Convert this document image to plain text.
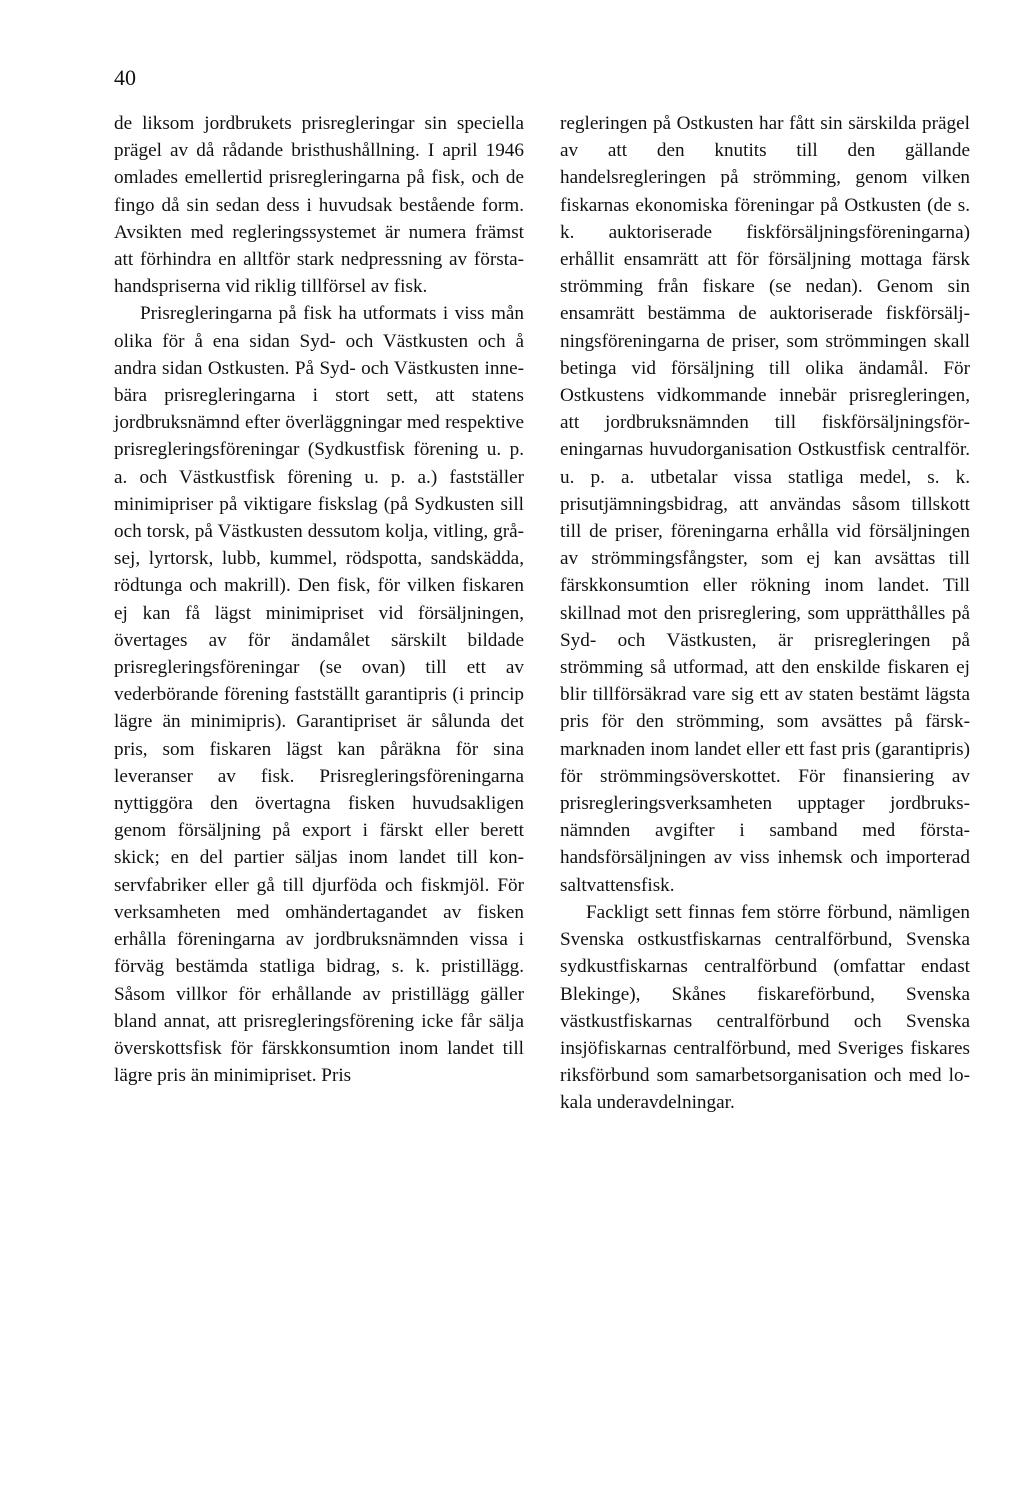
40

de liksom jordbrukets prisregleringar sin speciella prägel av då rådande bristhushållning. I april 1946 omlades emellertid prisregleringarna på fisk, och de fingo då sin sedan dess i huvudsak bestående form. Avsikten med regleringssystemet är numera främst att förhindra en alltför stark nedpressning av förstahandspriserna vid riklig tillförsel av fisk.

Prisregleringarna på fisk ha utformats i viss mån olika för å ena sidan Syd- och Västkusten och å andra sidan Ostkusten. På Syd- och Västkusten innebära prisregleringarna i stort sett, att statens jordbruksnämnd efter överläggningar med respektive prisregleringsföreningar (Sydkustfisk förening u. p. a. och Västkustfisk förening u. p. a.) fastställer minimipriser på viktigare fiskslag (på Sydkusten sill och torsk, på Västkusten dessutom kolja, vitling, gråsej, lyrtorsk, lubb, kummel, rödspotta, sandskädda, rödtunga och makrill). Den fisk, för vilken fiskaren ej kan få lägst minimipriset vid försäljningen, övertages av för ändamålet särskilt bildade prisregleringsföreningar (se ovan) till ett av vederbörande förening fastställt garantipris (i princip lägre än minimipris). Garantipriset är sålunda det pris, som fiskaren lägst kan påräkna för sina leveranser av fisk. Prisregleringsföreningarna nyttiggöra den övertagna fisken huvudsakligen genom försäljning på export i färskt eller berett skick; en del partier säljas inom landet till konservfabriker eller gå till djurföda och fiskmjöl. För verksamheten med omhändertagandet av fisken erhålla föreningarna av jordbruksnämnden vissa i förväg bestämda statliga bidrag, s. k. pristillägg. Såsom villkor för erhållande av pristillägg gäller bland annat, att prisregleringsförening icke får sälja överskottsfisk för färskkonsumtion inom landet till lägre pris än minimipriset. Pris

regleringen på Ostkusten har fått sin särskilda prägel av att den knutits till den gällande handelsregleringen på strömming, genom vilken fiskarnas ekonomiska föreningar på Ostkusten (de s. k. auktoriserade fiskförsäljningsföreningarna) erhållit ensamrätt att för försäljning mottaga färsk strömming från fiskare (se nedan). Genom sin ensamrätt bestämma de auktoriserade fiskförsäljningsföreningarna de priser, som strömmingen skall betinga vid försäljning till olika ändamål. För Ostkustens vidkommande innebär prisregleringen, att jordbruksnämnden till fiskförsäljningsföreningarnas huvudorganisation Ostkustfisk centralför. u. p. a. utbetalar vissa statliga medel, s. k. prisutjämningsbidrag, att användas såsom tillskott till de priser, föreningarna erhålla vid försäljningen av strömmingsfångster, som ej kan avsättas till färskkonsumtion eller rökning inom landet. Till skillnad mot den prisreglering, som upprätthålles på Syd- och Västkusten, är prisregleringen på strömming så utformad, att den enskilde fiskaren ej blir tillförsäkrad vare sig ett av staten bestämt lägsta pris för den strömming, som avsättes på färskmarknaden inom landet eller ett fast pris (garantipris) för strömmingsöverskottet. För finansiering av prisregleringsverksamheten upptager jordbruksnämnden avgifter i samband med förstahandsförsäljningen av viss inhemsk och importerad saltvattensfisk.

Fackligt sett finnas fem större förbund, nämligen Svenska ostkustfiskarnas centralförbund, Svenska sydkustfiskarnas centralförbund (omfattar endast Blekinge), Skånes fiskareförbund, Svenska västkustfiskarnas centralförbund och Svenska insjöfiskarnas centralförbund, med Sveriges fiskares riksförbund som samarbetsorganisation och med lokala underavdelningar.
